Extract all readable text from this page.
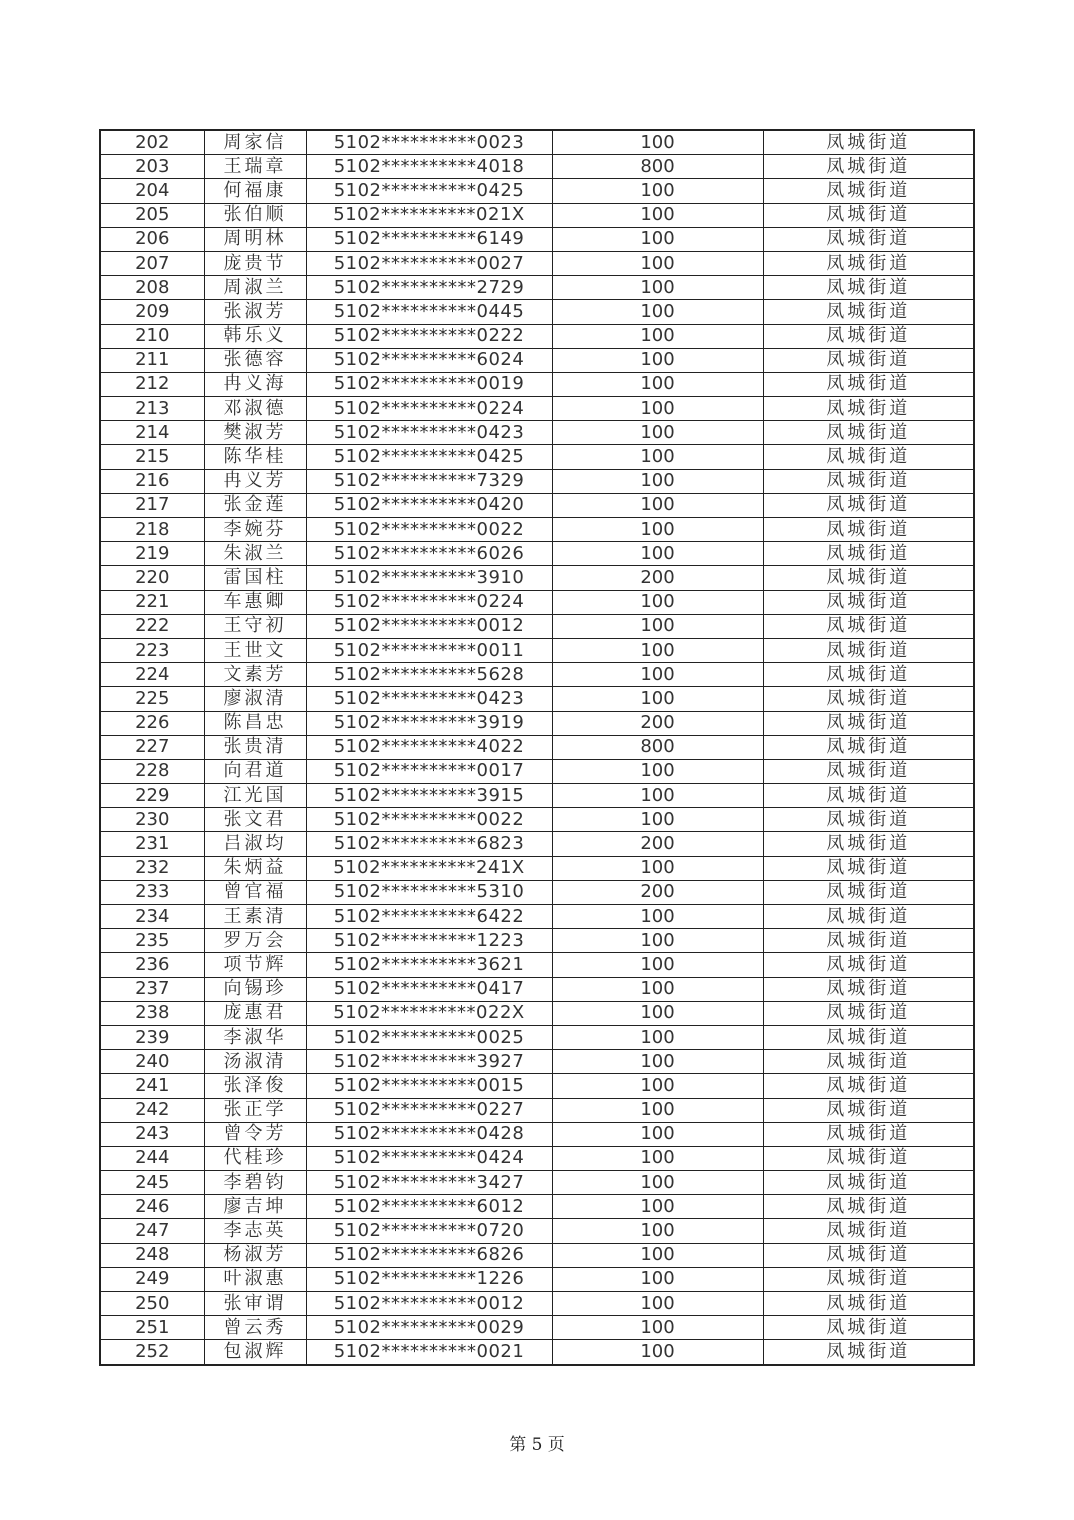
202	周家信	5102**********0023	100	凤城街道
203	王瑞章	5102**********4018	800	凤城街道
204	何福康	5102**********0425	100	凤城街道
205	张伯顺	5102**********021X	100	凤城街道
206	周明林	5102**********6149	100	凤城街道
207	庞贵节	5102**********0027	100	凤城街道
208	周淑兰	5102**********2729	100	凤城街道
209	张淑芳	5102**********0445	100	凤城街道
210	韩乐义	5102**********0222	100	凤城街道
211	张德容	5102**********6024	100	凤城街道
212	冉义海	5102**********0019	100	凤城街道
213	邓淑德	5102**********0224	100	凤城街道
214	樊淑芳	5102**********0423	100	凤城街道
215	陈华桂	5102**********0425	100	凤城街道
216	冉义芳	5102**********7329	100	凤城街道
217	张金莲	5102**********0420	100	凤城街道
218	李婉芬	5102**********0022	100	凤城街道
219	朱淑兰	5102**********6026	100	凤城街道
220	雷国柱	5102**********3910	200	凤城街道
221	车惠卿	5102**********0224	100	凤城街道
222	王守初	5102**********0012	100	凤城街道
223	王世文	5102**********0011	100	凤城街道
224	文素芳	5102**********5628	100	凤城街道
225	廖淑清	5102**********0423	100	凤城街道
226	陈昌忠	5102**********3919	200	凤城街道
227	张贵清	5102**********4022	800	凤城街道
228	向君道	5102**********0017	100	凤城街道
229	江光国	5102**********3915	100	凤城街道
230	张文君	5102**********0022	100	凤城街道
231	吕淑均	5102**********6823	200	凤城街道
232	朱炳益	5102**********241X	100	凤城街道
233	曾官福	5102**********5310	200	凤城街道
234	王素清	5102**********6422	100	凤城街道
235	罗万会	5102**********1223	100	凤城街道
236	项节辉	5102**********3621	100	凤城街道
237	向锡珍	5102**********0417	100	凤城街道
238	庞惠君	5102**********022X	100	凤城街道
239	李淑华	5102**********0025	100	凤城街道
240	汤淑清	5102**********3927	100	凤城街道
241	张泽俊	5102**********0015	100	凤城街道
242	张正学	5102**********0227	100	凤城街道
243	曾令芳	5102**********0428	100	凤城街道
244	代桂珍	5102**********0424	100	凤城街道
245	李碧钧	5102**********3427	100	凤城街道
246	廖吉坤	5102**********6012	100	凤城街道
247	李志英	5102**********0720	100	凤城街道
248	杨淑芳	5102**********6826	100	凤城街道
249	叶淑惠	5102**********1226	100	凤城街道
250	张审谓	5102**********0012	100	凤城街道
251	曾云秀	5102**********0029	100	凤城街道
252	包淑辉	5102**********0021	100	凤城街道
第 5 页
